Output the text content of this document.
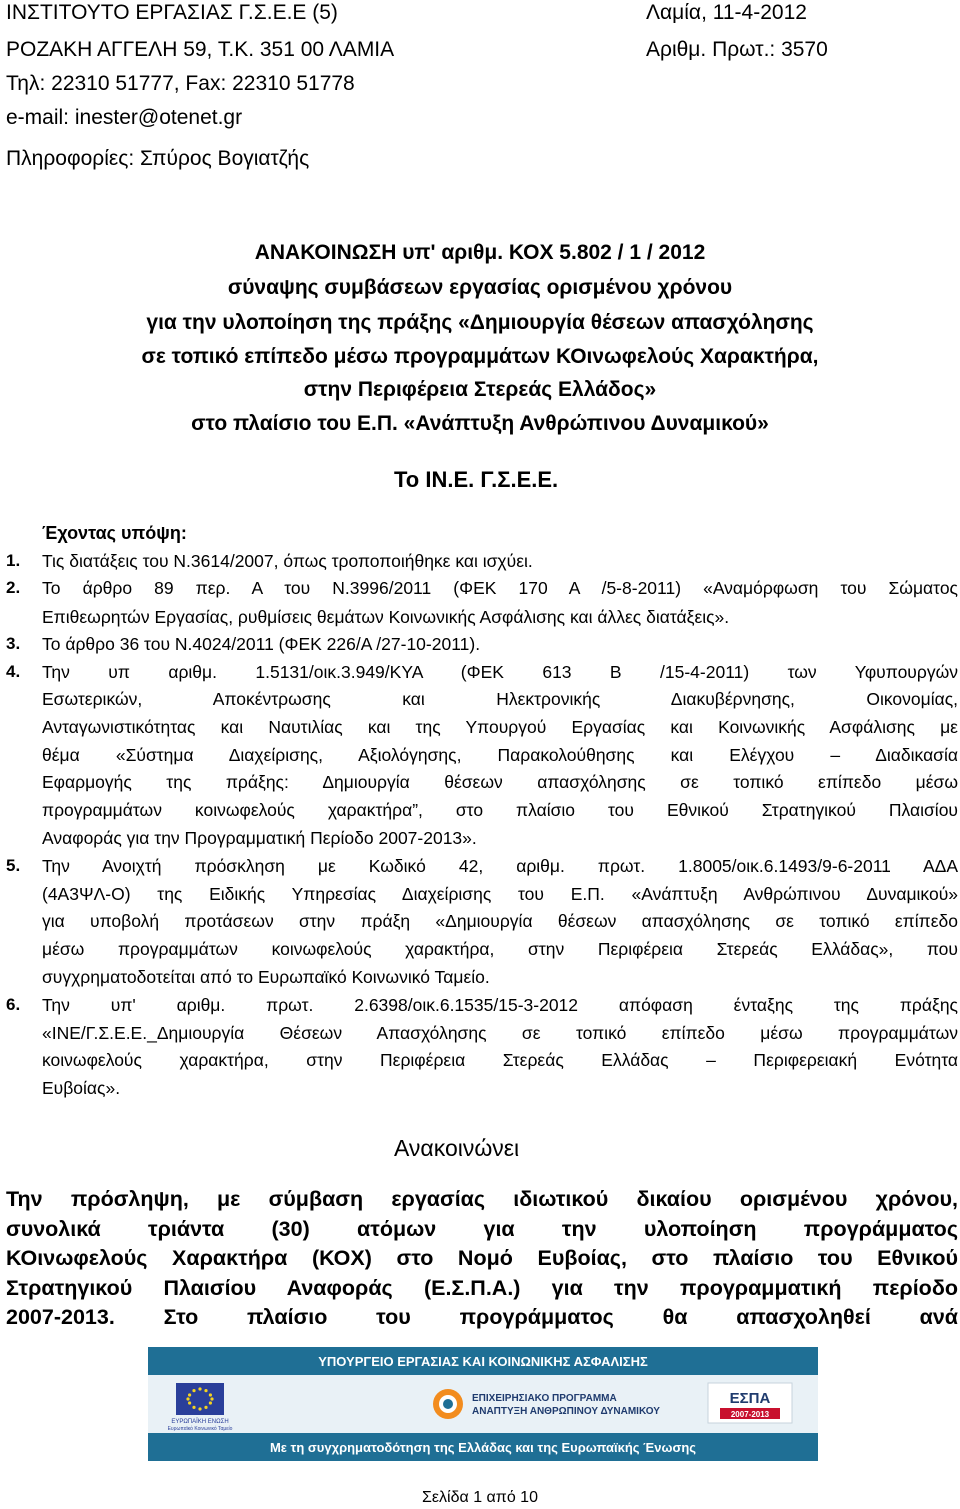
ΙΝΣΤΙΤΟΥΤΟ ΕΡΓΑΣΙΑΣ Γ.Σ.Ε.Ε (5)
ΡΟΖΑΚΗ ΑΓΓΕΛΗ 59, Τ.Κ. 351 00 ΛΑΜΙΑ
Τηλ: 22310 51777, Fax: 22310 51778
e-mail: inester@otenet.gr
Πληροφορίες: Σπύρος Βογιατζής
Λαμία, 11-4-2012
Αριθμ. Πρωτ.: 3570
ΑΝΑΚΟΙΝΩΣΗ υπ' αριθμ. ΚΟΧ 5.802 / 1 / 2012
σύναψης συμβάσεων εργασίας ορισμένου χρόνου
για την υλοποίηση της πράξης «Δημιουργία θέσεων απασχόλησης
σε τοπικό επίπεδο μέσω προγραμμάτων ΚΟινωφελούς Χαρακτήρα,
στην Περιφέρεια Στερεάς Ελλάδος»
στο πλαίσιο του Ε.Π. «Ανάπτυξη Ανθρώπινου Δυναμικού»
Το ΙΝ.Ε. Γ.Σ.Ε.Ε.
Έχοντας υπόψη:
1. Τις διατάξεις του Ν.3614/2007, όπως τροποποιήθηκε και ισχύει.
2. Το άρθρο 89 περ. Α του Ν.3996/2011 (ΦΕΚ 170 Α /5-8-2011) «Αναμόρφωση του Σώματος
Επιθεωρητών Εργασίας, ρυθμίσεις θεμάτων Κοινωνικής Ασφάλισης και άλλες διατάξεις».
3. Το άρθρο 36 του Ν.4024/2011 (ΦΕΚ 226/Α /27-10-2011).
4. Την υπ αριθμ. 1.5131/οικ.3.949/ΚΥΑ (ΦΕΚ 613 Β /15-4-2011) των Υφυπουργών
Εσωτερικών, Αποκέντρωσης και Ηλεκτρονικής Διακυβέρνησης, Οικονομίας,
Ανταγωνιστικότητας και Ναυτιλίας και της Υπουργού Εργασίας και Κοινωνικής Ασφάλισης με
θέμα «Σύστημα Διαχείρισης, Αξιολόγησης, Παρακολούθησης και Ελέγχου – Διαδικασία
Εφαρμογής της πράξης: Δημιουργία θέσεων απασχόλησης σε τοπικό επίπεδο μέσω
προγραμμάτων κοινωφελούς χαρακτήρα”, στο πλαίσιο του Εθνικού Στρατηγικού Πλαισίου
Αναφοράς για την Προγραμματική Περίοδο 2007-2013».
5. Την Ανοιχτή πρόσκληση με Κωδικό 42, αριθμ. πρωτ. 1.8005/οικ.6.1493/9-6-2011 ΑΔΑ
(4Α3ΨΛ-Ο) της Ειδικής Υπηρεσίας Διαχείρισης του Ε.Π. «Ανάπτυξη Ανθρώπινου Δυναμικού»
για υποβολή προτάσεων στην πράξη «Δημιουργία θέσεων απασχόλησης σε τοπικό επίπεδο
μέσω προγραμμάτων κοινωφελούς χαρακτήρα, στην Περιφέρεια Στερεάς Ελλάδας», που
συγχρηματοδοτείται από το Ευρωπαϊκό Κοινωνικό Ταμείο.
6. Την υπ' αριθμ. πρωτ. 2.6398/οικ.6.1535/15-3-2012 απόφαση ένταξης της πράξης
«ΙΝΕ/Γ.Σ.Ε.Ε._Δημιουργία Θέσεων Απασχόλησης σε τοπικό επίπεδο μέσω προγραμμάτων
κοινωφελούς χαρακτήρα, στην Περιφέρεια Στερεάς Ελλάδας – Περιφερειακή Ενότητα
Ευβοίας».
Ανακοινώνει
Την πρόσληψη, με σύμβαση εργασίας ιδιωτικού δικαίου ορισμένου χρόνου,
συνολικά τριάντα (30) ατόμων για την υλοποίηση προγράμματος
ΚΟινωφελούς Χαρακτήρα (ΚΟΧ) στο Νομό Ευβοίας, στο πλαίσιο του Εθνικού
Στρατηγικού Πλαισίου Αναφοράς (Ε.Σ.Π.Α.) για την προγραμματική περίοδο
2007-2013. Στο πλαίσιο του προγράμματος θα απασχοληθεί ανά
ΥΠΟΥΡΓΕΙΟ ΕΡΓΑΣΙΑΣ ΚΑΙ ΚΟΙΝΩΝΙΚΗΣ ΑΣΦΑΛΙΣΗΣ
ΕΥΡΩΠΑΪΚΗ ΕΝΩΣΗ
Ευρωπαϊκό Κοινωνικό Ταμείο
ΕΠΙΧΕΙΡΗΣΙΑΚΟ ΠΡΟΓΡΑΜΜΑ
ΑΝΑΠΤΥΞΗ ΑΝΘΡΩΠΙΝΟΥ ΔΥΝΑΜΙΚΟΥ
ΕΣΠΑ
2007-2013
Με τη συγχρηματοδότηση της Ελλάδας και της Ευρωπαϊκής Ένωσης
Σελίδα 1 από 10
